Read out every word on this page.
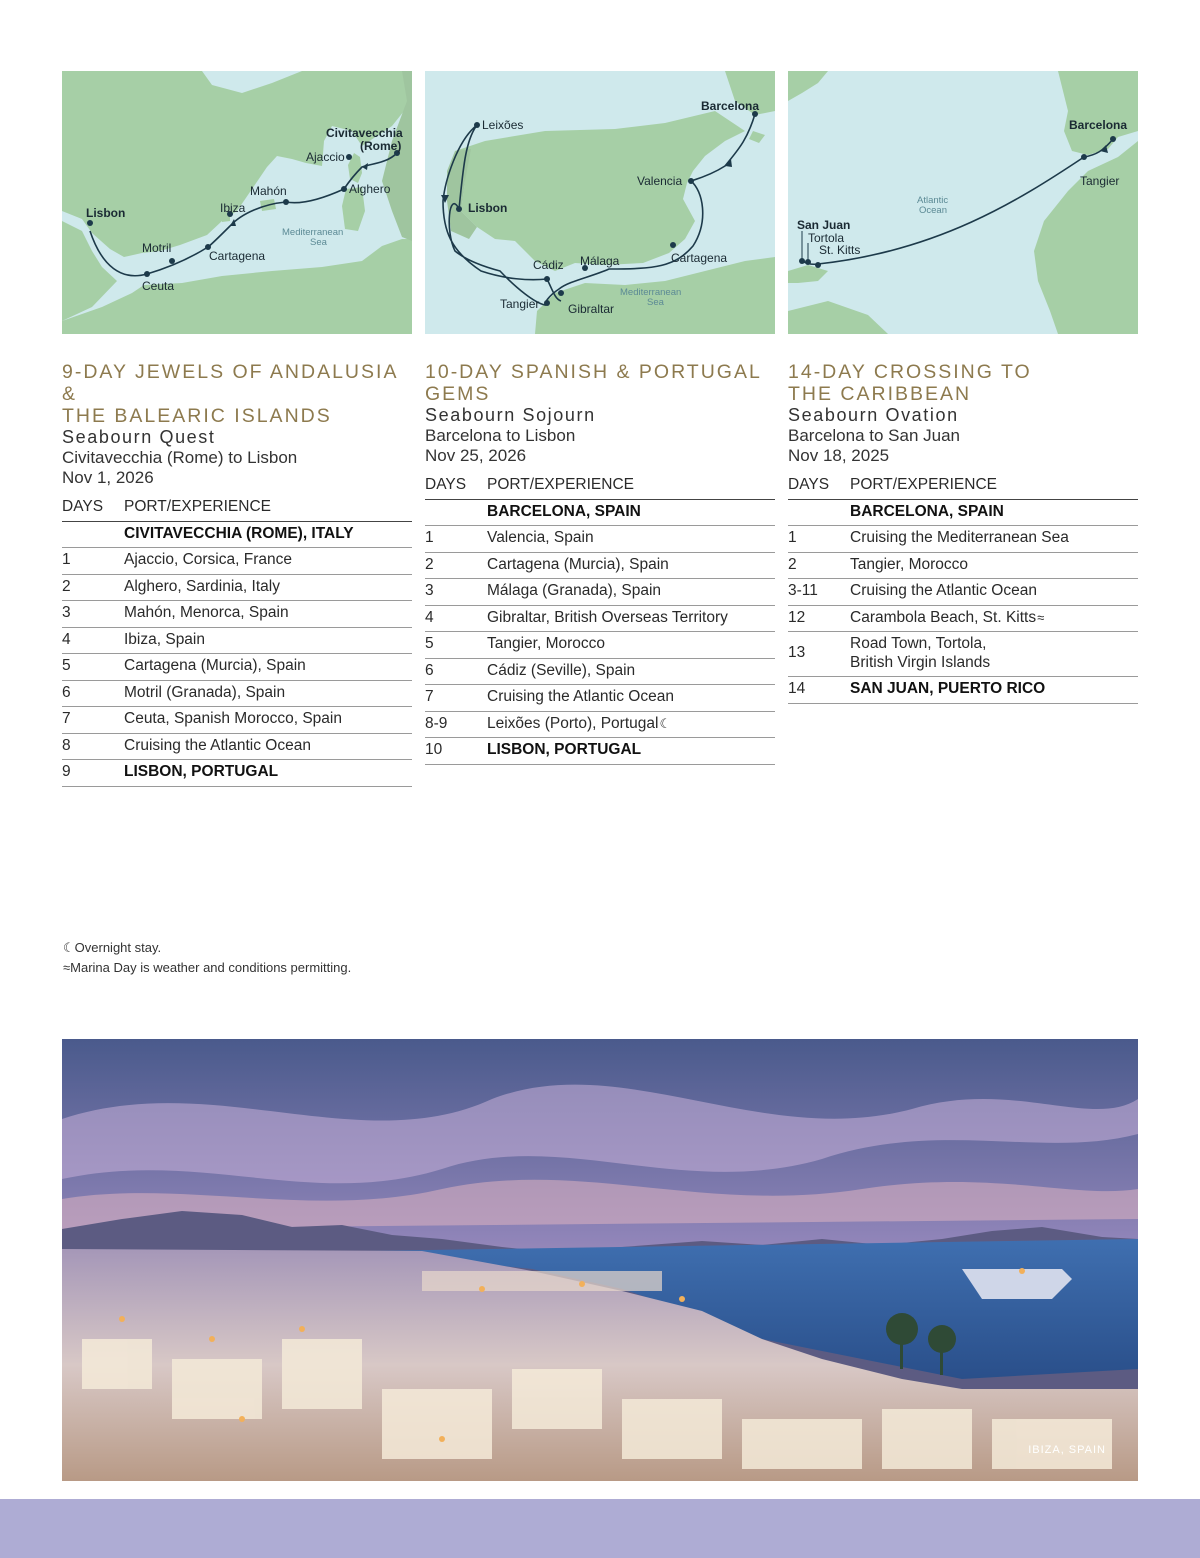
Civitavecchia
(Rome)
Ajaccio
Alghero
Mahón
Ibiza
Lisbon
Cartagena
Motril
Ceuta
Mediterranean
Sea
Barcelona
Leixões
Valencia
Lisbon
Cartagena
Cádiz Málaga
Tangier Gibraltar
Mediterranean
Sea
Barcelona
Tangier
San Juan
Tortola
St. Kitts
Atlantic
Ocean
9-DAY JEWELS OF ANDALUSIA &
THE BALEARIC ISLANDS
Seabourn Quest
Civitavecchia (Rome) to Lisbon
Nov 1, 2026
DAYS	PORT/EXPERIENCE
	CIVITAVECCHIA (ROME), ITALY
1	Ajaccio, Corsica, France
2	Alghero, Sardinia, Italy
3	Mahón, Menorca, Spain
4	Ibiza, Spain
5	Cartagena (Murcia), Spain
6	Motril (Granada), Spain
7	Ceuta, Spanish Morocco, Spain
8	Cruising the Atlantic Ocean
9	LISBON, PORTUGAL
10-DAY SPANISH & PORTUGAL GEMS
Seabourn Sojourn
Barcelona to Lisbon
Nov 25, 2026
DAYS	PORT/EXPERIENCE
	BARCELONA, SPAIN
1	Valencia, Spain
2	Cartagena (Murcia), Spain
3	Málaga (Granada), Spain
4	Gibraltar, British Overseas Territory
5	Tangier, Morocco
6	Cádiz (Seville), Spain
7	Cruising the Atlantic Ocean
8-9	Leixões (Porto), Portugal☾
10	LISBON, PORTUGAL
14-DAY CROSSING TO
THE CARIBBEAN
Seabourn Ovation
Barcelona to San Juan
Nov 18, 2025
DAYS	PORT/EXPERIENCE
	BARCELONA, SPAIN
1	Cruising the Mediterranean Sea
2	Tangier, Morocco
3-11	Cruising the Atlantic Ocean
12	Carambola Beach, St. Kitts≈
13	Road Town, Tortola,
British Virgin Islands

14	SAN JUAN, PUERTO RICO
☾Overnight stay.
≈Marina Day is weather and conditions permitting.
IBIZA, SPAIN
